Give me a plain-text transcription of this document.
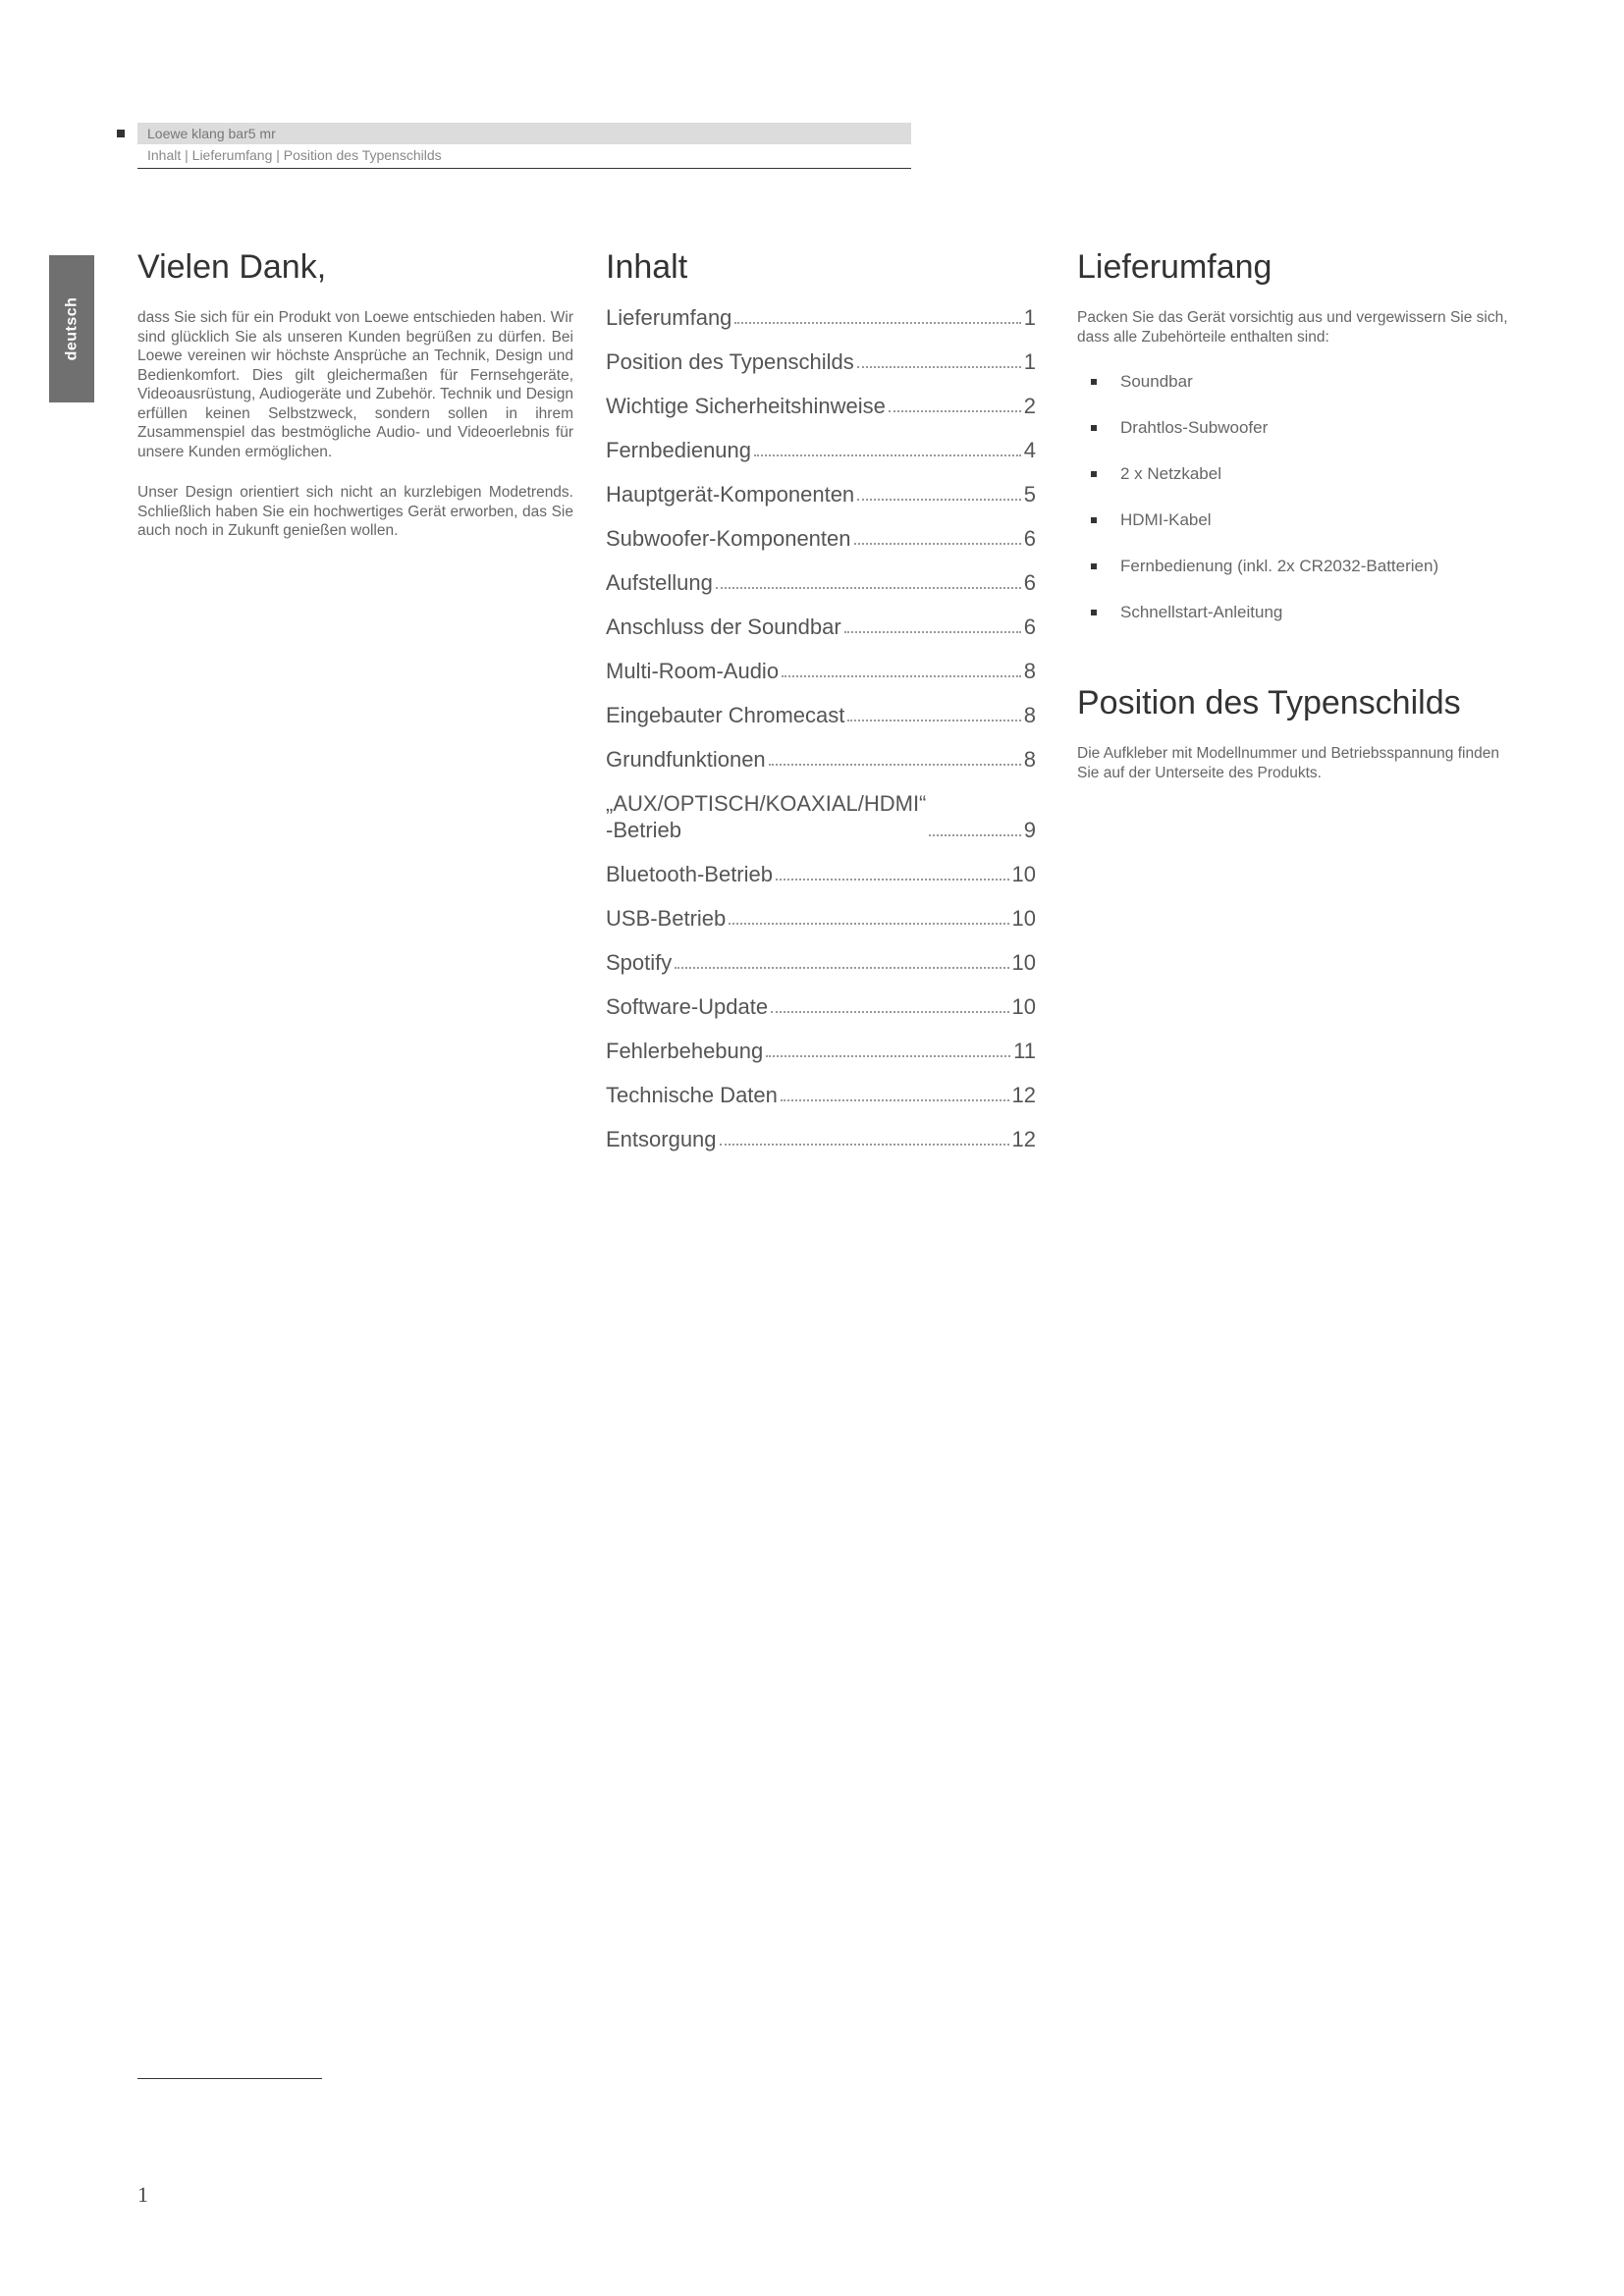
Loewe klang bar5 mr
Inhalt | Lieferumfang | Position des Typenschilds
deutsch
Vielen Dank,

dass Sie sich für ein Produkt von Loewe entschieden haben. Wir sind glücklich Sie als unseren Kunden begrüßen zu dürfen. Bei Loewe vereinen wir höchste Ansprüche an Technik, Design und Bedienkomfort. Dies gilt gleichermaßen für Fernsehgeräte, Videoausrüstung, Audiogeräte und Zubehör. Technik und Design erfüllen keinen Selbstzweck, sondern sollen in ihrem Zusammenspiel das bestmögliche Audio- und Videoerlebnis für unsere Kunden ermöglichen.

Unser Design orientiert sich nicht an kurzlebigen Modetrends. Schließlich haben Sie ein hochwertiges Gerät erworben, das Sie auch noch in Zukunft genießen wollen.

Inhalt
Lieferumfang	1
Position des Typenschilds	1
Wichtige Sicherheitshinweise	2
Fernbedienung	4
Hauptgerät-Komponenten	5
Subwoofer-Komponenten	6
Aufstellung	6
Anschluss der Soundbar	6
Multi-Room-Audio	8
Eingebauter Chromecast	8
Grundfunktionen	8
„AUX/OPTISCH/KOAXIAL/HDMI“
-Betrieb	9
Bluetooth-Betrieb	10
USB-Betrieb	10
Spotify	10
Software-Update	10
Fehlerbehebung	11
Technische Daten	12
Entsorgung	12
Lieferumfang

Packen Sie das Gerät vorsichtig aus und vergewissern Sie sich, dass alle Zubehörteile enthalten sind:

Soundbar
Drahtlos-Subwoofer
2 x Netzkabel
HDMI-Kabel
Fernbedienung (inkl. 2x CR2032-Batterien)
Schnellstart-Anleitung
Position des Typenschilds

Die Aufkleber mit Modellnummer und Betriebsspannung finden Sie auf der Unterseite des Produkts.

1
